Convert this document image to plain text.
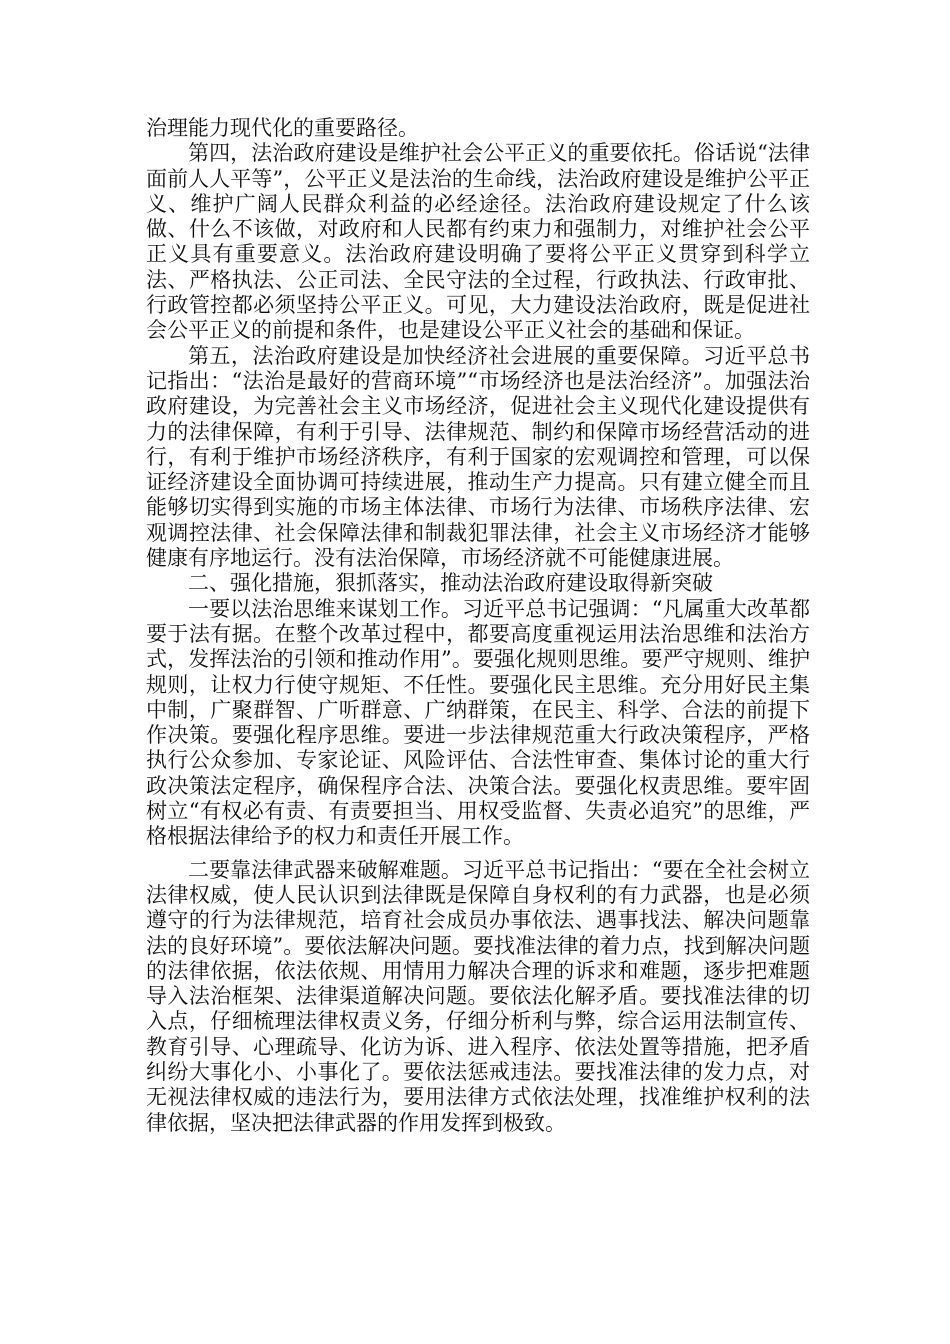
治理能力现代化的重要路径。

第四，法治政府建设是维护社会公平正义的重要依托。俗话说“法律面前人人平等”，公平正义是法治的生命线，法治政府建设是维护公平正义、维护广阔人民群众利益的必经途径。法治政府建设规定了什么该做、什么不该做，对政府和人民都有约束力和强制力，对维护社会公平正义具有重要意义。法治政府建设明确了要将公平正义贯穿到科学立法、严格执法、公正司法、全民守法的全过程，行政执法、行政审批、行政管控都必须坚持公平正义。可见，大力建设法治政府，既是促进社会公平正义的前提和条件，也是建设公平正义社会的基础和保证。

第五，法治政府建设是加快经济社会进展的重要保障。习近平总书记指出：“法治是最好的营商环境”“市场经济也是法治经济”。加强法治政府建设，为完善社会主义市场经济，促进社会主义现代化建设提供有力的法律保障，有利于引导、法律规范、制约和保障市场经营活动的进行，有利于维护市场经济秩序，有利于国家的宏观调控和管理，可以保证经济建设全面协调可持续进展，推动生产力提高。只有建立健全而且能够切实得到实施的市场主体法律、市场行为法律、市场秩序法律、宏观调控法律、社会保障法律和制裁犯罪法律，社会主义市场经济才能够健康有序地运行。没有法治保障，市场经济就不可能健康进展。

二、强化措施，狠抓落实，推动法治政府建设取得新突破

一要以法治思维来谋划工作。习近平总书记强调：“凡属重大改革都要于法有据。在整个改革过程中，都要高度重视运用法治思维和法治方式，发挥法治的引领和推动作用”。要强化规则思维。要严守规则、维护规则，让权力行使守规矩、不任性。要强化民主思维。充分用好民主集中制，广聚群智、广听群意、广纳群策，在民主、科学、合法的前提下作决策。要强化程序思维。要进一步法律规范重大行政决策程序，严格执行公众参加、专家论证、风险评估、合法性审查、集体讨论的重大行政决策法定程序，确保程序合法、决策合法。要强化权责思维。要牢固树立“有权必有责、有责要担当、用权受监督、失责必追究”的思维，严格根据法律给予的权力和责任开展工作。

二要靠法律武器来破解难题。习近平总书记指出：“要在全社会树立法律权威，使人民认识到法律既是保障自身权利的有力武器，也是必须遵守的行为法律规范，培育社会成员办事依法、遇事找法、解决问题靠法的良好环境”。要依法解决问题。要找准法律的着力点，找到解决问题的法律依据，依法依规、用情用力解决合理的诉求和难题，逐步把难题导入法治框架、法律渠道解决问题。要依法化解矛盾。要找准法律的切入点，仔细梳理法律权责义务，仔细分析利与弊，综合运用法制宣传、教育引导、心理疏导、化访为诉、进入程序、依法处置等措施，把矛盾纠纷大事化小、小事化了。要依法惩戒违法。要找准法律的发力点，对无视法律权威的违法行为，要用法律方式依法处理，找准维护权利的法律依据，坚决把法律武器的作用发挥到极致。
